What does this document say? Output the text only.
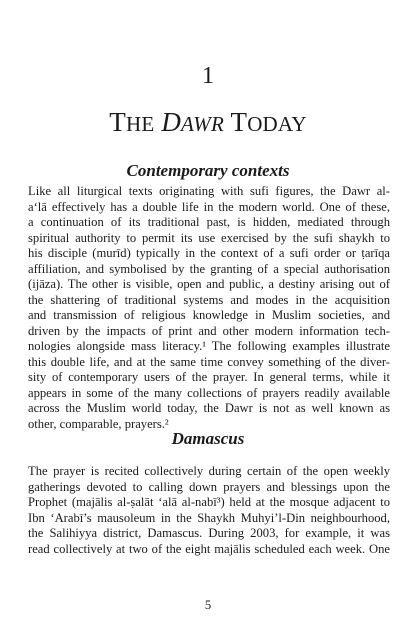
1
THE DAWR TODAY
Contemporary contexts
Like all liturgical texts originating with sufi figures, the Dawr al-
a‘lā effectively has a double life in the modern world. One of these,
a continuation of its traditional past, is hidden, mediated through
spiritual authority to permit its use exercised by the sufi shaykh to
his disciple (murīd) typically in the context of a sufi order or ṭarīqa
affiliation, and symbolised by the granting of a special authorisation
(ijāza). The other is visible, open and public, a destiny arising out of
the shattering of traditional systems and modes in the acquisition
and transmission of religious knowledge in Muslim societies, and
driven by the impacts of print and other modern information tech-
nologies alongside mass literacy.¹ The following examples illustrate
this double life, and at the same time convey something of the diver-
sity of contemporary users of the prayer. In general terms, while it
appears in some of the many collections of prayers readily available
across the Muslim world today, the Dawr is not as well known as
other, comparable, prayers.²
Damascus
The prayer is recited collectively during certain of the open weekly
gatherings devoted to calling down prayers and blessings upon the
Prophet (majālis al-ṣalāt ‘alā al-nabī³) held at the mosque adjacent to
Ibn ‘Arabī’s mausoleum in the Shaykh Muhyi’l-Din neighbourhood,
the Salihiyya district, Damascus. During 2003, for example, it was
read collectively at two of the eight majālis scheduled each week. One
5
